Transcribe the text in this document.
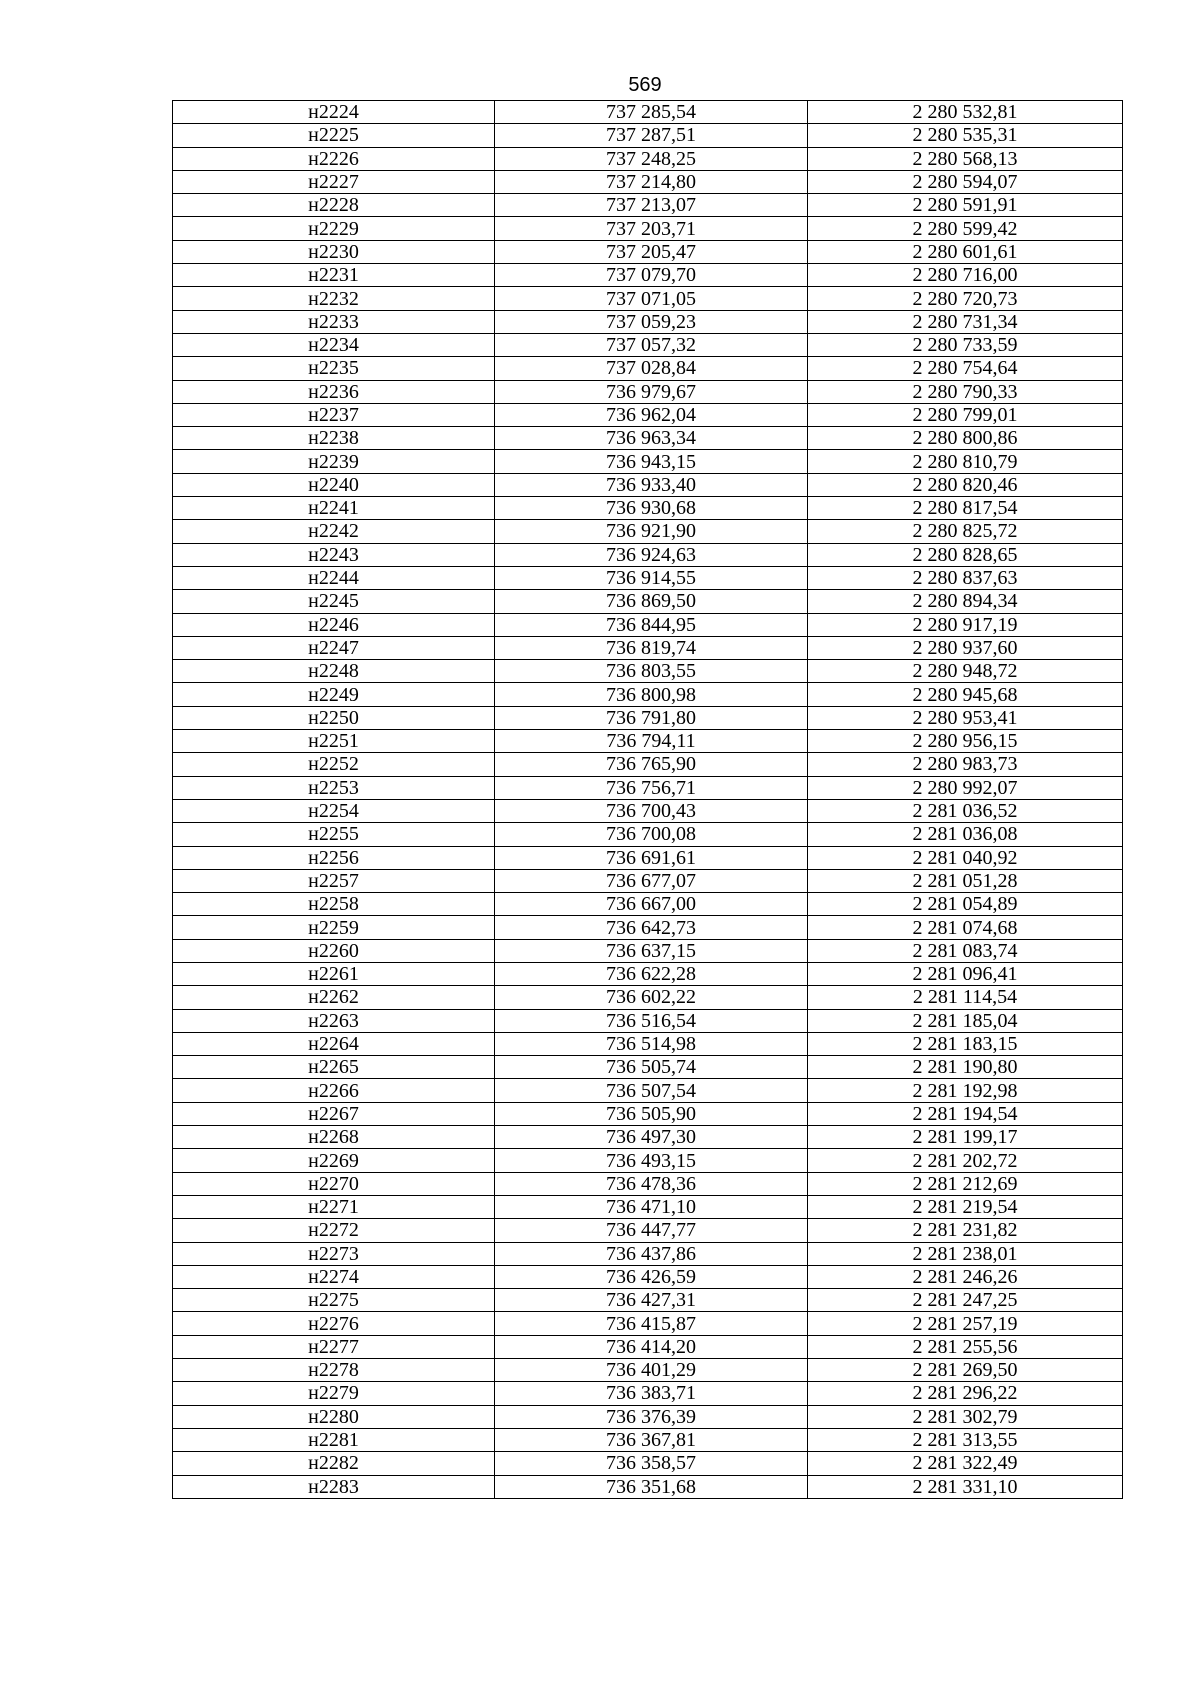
569
н2224	737 285,54	2 280 532,81
н2225	737 287,51	2 280 535,31
н2226	737 248,25	2 280 568,13
н2227	737 214,80	2 280 594,07
н2228	737 213,07	2 280 591,91
н2229	737 203,71	2 280 599,42
н2230	737 205,47	2 280 601,61
н2231	737 079,70	2 280 716,00
н2232	737 071,05	2 280 720,73
н2233	737 059,23	2 280 731,34
н2234	737 057,32	2 280 733,59
н2235	737 028,84	2 280 754,64
н2236	736 979,67	2 280 790,33
н2237	736 962,04	2 280 799,01
н2238	736 963,34	2 280 800,86
н2239	736 943,15	2 280 810,79
н2240	736 933,40	2 280 820,46
н2241	736 930,68	2 280 817,54
н2242	736 921,90	2 280 825,72
н2243	736 924,63	2 280 828,65
н2244	736 914,55	2 280 837,63
н2245	736 869,50	2 280 894,34
н2246	736 844,95	2 280 917,19
н2247	736 819,74	2 280 937,60
н2248	736 803,55	2 280 948,72
н2249	736 800,98	2 280 945,68
н2250	736 791,80	2 280 953,41
н2251	736 794,11	2 280 956,15
н2252	736 765,90	2 280 983,73
н2253	736 756,71	2 280 992,07
н2254	736 700,43	2 281 036,52
н2255	736 700,08	2 281 036,08
н2256	736 691,61	2 281 040,92
н2257	736 677,07	2 281 051,28
н2258	736 667,00	2 281 054,89
н2259	736 642,73	2 281 074,68
н2260	736 637,15	2 281 083,74
н2261	736 622,28	2 281 096,41
н2262	736 602,22	2 281 114,54
н2263	736 516,54	2 281 185,04
н2264	736 514,98	2 281 183,15
н2265	736 505,74	2 281 190,80
н2266	736 507,54	2 281 192,98
н2267	736 505,90	2 281 194,54
н2268	736 497,30	2 281 199,17
н2269	736 493,15	2 281 202,72
н2270	736 478,36	2 281 212,69
н2271	736 471,10	2 281 219,54
н2272	736 447,77	2 281 231,82
н2273	736 437,86	2 281 238,01
н2274	736 426,59	2 281 246,26
н2275	736 427,31	2 281 247,25
н2276	736 415,87	2 281 257,19
н2277	736 414,20	2 281 255,56
н2278	736 401,29	2 281 269,50
н2279	736 383,71	2 281 296,22
н2280	736 376,39	2 281 302,79
н2281	736 367,81	2 281 313,55
н2282	736 358,57	2 281 322,49
н2283	736 351,68	2 281 331,10
